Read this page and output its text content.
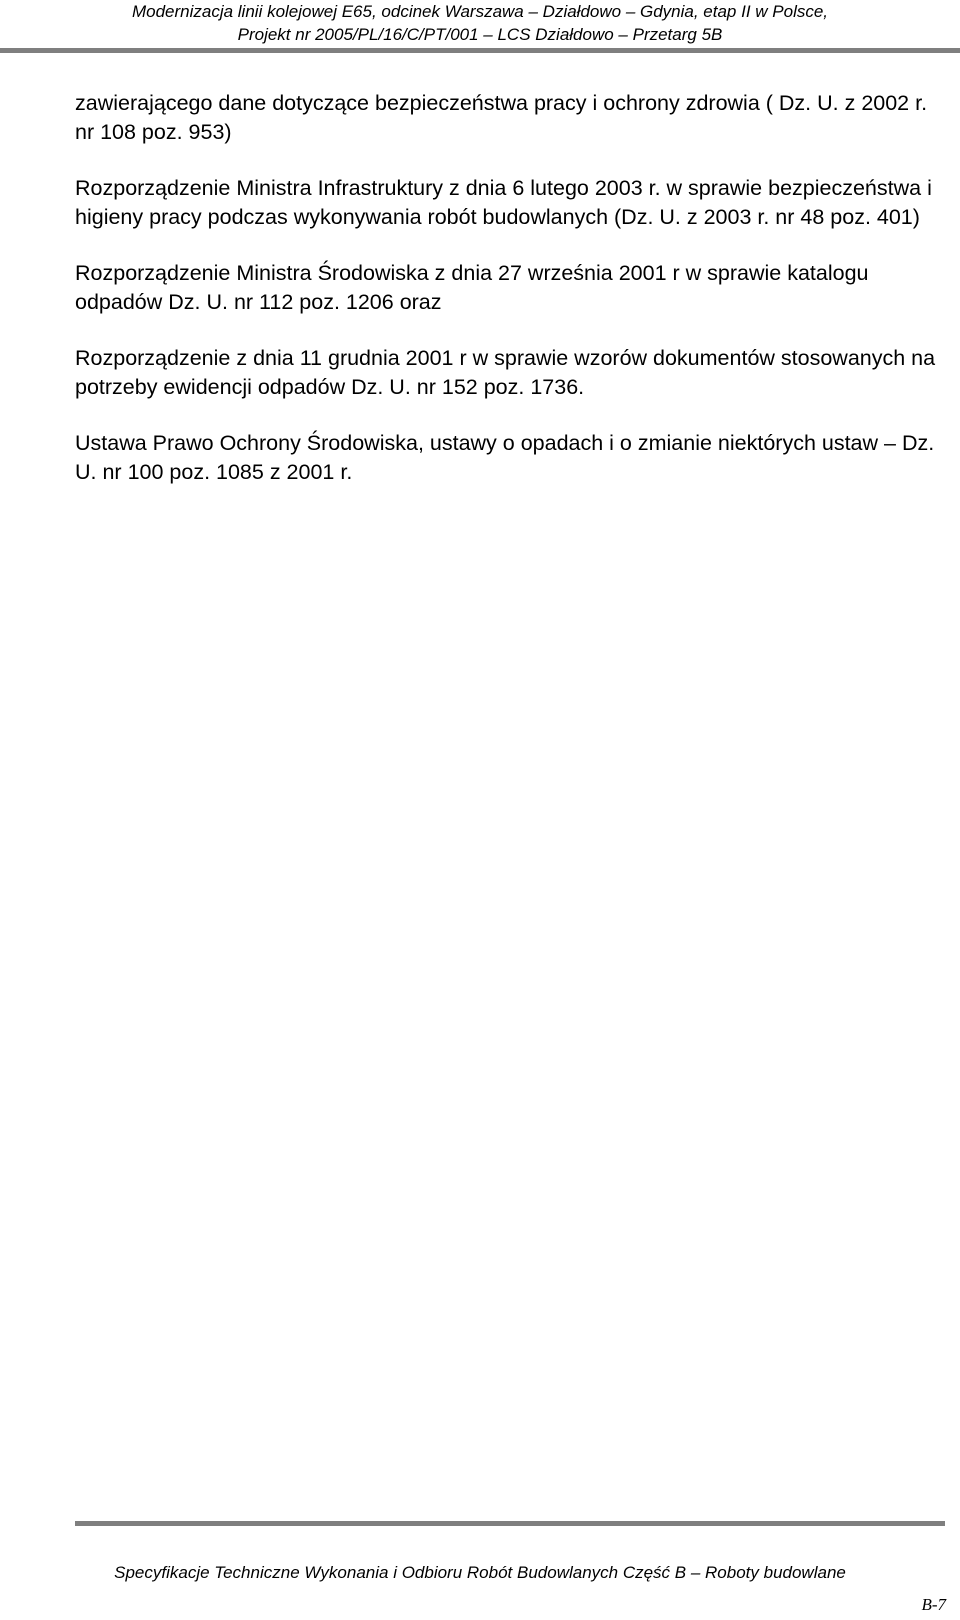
Modernizacja linii kolejowej E65, odcinek Warszawa – Działdowo – Gdynia, etap II w Polsce,
Projekt nr 2005/PL/16/C/PT/001 – LCS Działdowo – Przetarg 5B

zawierającego dane dotyczące bezpieczeństwa pracy i ochrony zdrowia ( Dz. U. z 2002 r. nr 108 poz. 953)

Rozporządzenie Ministra Infrastruktury z dnia 6 lutego 2003 r. w sprawie bezpieczeństwa i higieny pracy podczas wykonywania robót budowlanych (Dz. U. z 2003 r. nr 48 poz. 401)

Rozporządzenie Ministra Środowiska z dnia 27 września 2001 r w sprawie katalogu odpadów Dz. U. nr 112 poz. 1206 oraz

Rozporządzenie z dnia 11 grudnia 2001 r w sprawie wzorów dokumentów stosowanych na potrzeby ewidencji odpadów Dz. U. nr 152 poz. 1736.

Ustawa Prawo Ochrony Środowiska, ustawy o opadach i o zmianie niektórych ustaw – Dz. U. nr 100 poz. 1085 z 2001 r.

Specyfikacje Techniczne Wykonania i Odbioru Robót Budowlanych Część B – Roboty budowlane
B-7
